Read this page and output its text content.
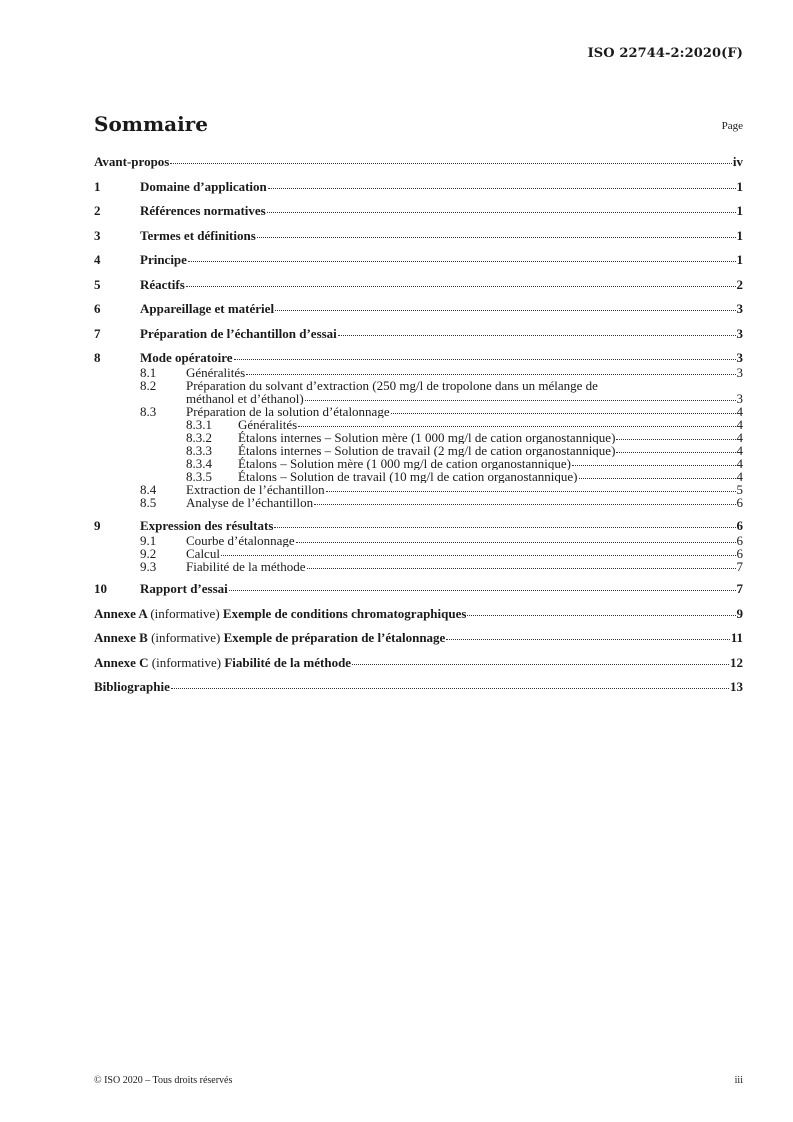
ISO 22744-2:2020(F)
Sommaire	Page
Avant-propos	iv
1	Domaine d’application	1
2	Références normatives	1
3	Termes et définitions	1
4	Principe	1
5	Réactifs	2
6	Appareillage et matériel	3
7	Préparation de l’échantillon d’essai	3
8	Mode opératoire	3
8.1	Généralités	3
8.2	Préparation du solvant d’extraction (250 mg/l de tropolone dans un mélange de
méthanol et d’éthanol)	3
8.3	Préparation de la solution d’étalonnage	4
8.3.1	Généralités	4
8.3.2	Étalons internes – Solution mère (1 000 mg/l de cation organostannique)	4
8.3.3	Étalons internes – Solution de travail (2 mg/l de cation organostannique)	4
8.3.4	Étalons – Solution mère (1 000 mg/l de cation organostannique)	4
8.3.5	Étalons – Solution de travail (10 mg/l de cation organostannique)	4
8.4	Extraction de l’échantillon	5
8.5	Analyse de l’échantillon	6
9	Expression des résultats	6
9.1	Courbe d’étalonnage	6
9.2	Calcul	6
9.3	Fiabilité de la méthode	7
10	Rapport d’essai	7
Annexe A (informative) Exemple de conditions chromatographiques	9
Annexe B (informative) Exemple de préparation de l’étalonnage	11
Annexe C (informative) Fiabilité de la méthode	12
Bibliographie	13
© ISO 2020 – Tous droits réservés	iii
